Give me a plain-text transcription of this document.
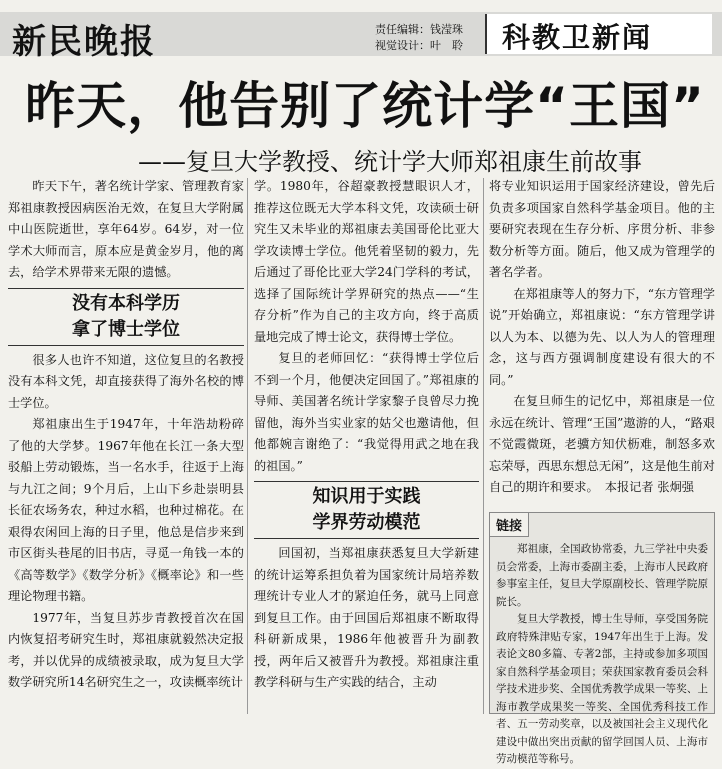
新民晚报	责任编辑：钱滢珠
视觉设计：叶　聆 科教卫新闻
昨天，他告别了统计学“王国”
——复旦大学教授、统计学大师郑祖康生前故事

昨天下午，著名统计学家、管理教育家郑祖康教授因病医治无效，在复旦大学附属中山医院逝世，享年64岁。64岁，对一位学术大师而言，原本应是黄金岁月，他的离去，给学术界带来无限的遗憾。

没有本科学历
拿了博士学位

很多人也许不知道，这位复旦的名教授没有本科文凭，却直接获得了海外名校的博士学位。

郑祖康出生于1947年，十年浩劫粉碎了他的大学梦。1967年他在长江一条大型驳船上劳动锻炼，当一名水手，往返于上海与九江之间；9个月后，上山下乡赴崇明县长征农场务农，种过水稻，也种过棉花。在艰得农闲回上海的日子里，他总是信步来到市区街头巷尾的旧书店，寻觅一角钱一本的《高等数学》《数学分析》《概率论》和一些理论物理书籍。

1977年，当复旦苏步青教授首次在国内恢复招考研究生时，郑祖康就毅然决定报考，并以优异的成绩被录取，成为复旦大学数学研究所14名研究生之一，攻读概率统计

学。1980年，谷超豪教授慧眼识人才，推荐这位既无大学本科文凭，攻读硕士研究生又未毕业的郑祖康去美国哥伦比亚大学攻读博士学位。他凭着坚韧的毅力，先后通过了哥伦比亚大学24门学科的考试，选择了国际统计学界研究的热点——“生存分析”作为自己的主攻方向，终于高质量地完成了博士论文，获得博士学位。

复旦的老师回忆：“获得博士学位后不到一个月，他便决定回国了。”郑祖康的导师、美国著名统计学家黎子良曾尽力挽留他，海外当实业家的姑父也邀请他，但他都婉言谢绝了：“我觉得用武之地在我的祖国。”

知识用于实践
学界劳动模范

回国初，当郑祖康获悉复旦大学新建的统计运筹系担负着为国家统计局培养数理统计专业人才的紧迫任务，就马上同意到复旦工作。由于回国后郑祖康不断取得科研新成果，1986年他被晋升为副教授，两年后又被晋升为教授。郑祖康注重教学科研与生产实践的结合，主动

将专业知识运用于国家经济建设，曾先后负责多项国家自然科学基金项目。他的主要研究表现在生存分析、序贯分析、非参数分析等方面。随后，他又成为管理学的著名学者。

在郑祖康等人的努力下，“东方管理学说”开始确立，郑祖康说：“东方管理学讲以人为本、以德为先、以人为人的管理理念，这与西方强调制度建设有很大的不同。”

在复旦师生的记忆中，郑祖康是一位永远在统计、管理“王国”遨游的人，“路艰不觉霞微斑，老骥方知伏枥难，制怒多欢忘荣辱，西思东想总无闲”，这是他生前对自己的期许和要求。　本报记者 张炯强

链接

郑祖康，全国政协常委，九三学社中央委员会常委，上海市委副主委，上海市人民政府参事室主任，复旦大学原副校长、管理学院原院长。

复旦大学教授，博士生导师，享受国务院政府特殊津贴专家，1947年出生于上海。发表论文80多篇、专著2部，主持或参加多项国家自然科学基金项目；荣获国家教育委员会科学技术进步奖、全国优秀教学成果一等奖、上海市教学成果奖一等奖、全国优秀科技工作者、五一劳动奖章，以及被国社会主义现代化建设中做出突出贡献的留学回国人员、上海市劳动模范等称号。
